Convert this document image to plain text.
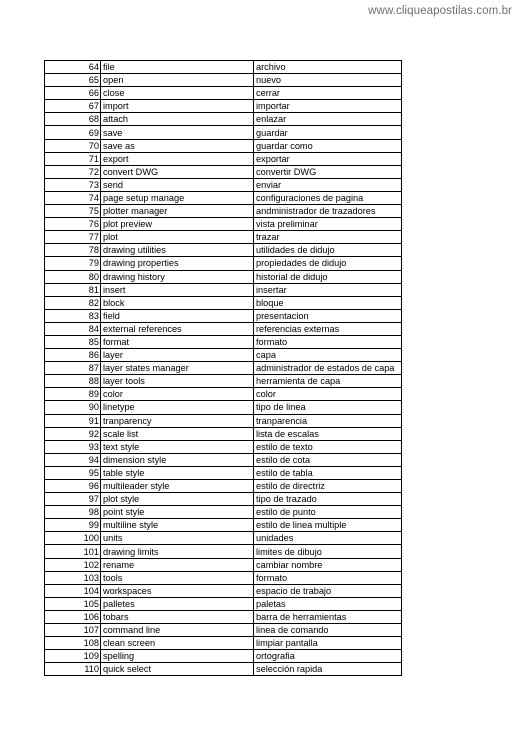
www.cliqueapostilas.com.br
64	file	archivo
65	open	nuevo
66	close	cerrar
67	import	importar
68	attach	enlazar
69	save	guardar
70	save as	guardar como
71	export	exportar
72	convert DWG	convertir DWG
73	send	enviar
74	page setup manage	configuraciones de pagina
75	plotter manager	andministrador de trazadores
76	plot preview	vista preliminar
77	plot	trazar
78	drawing utilities	utilidades de didujo
79	drawing properties	propiedades de didujo
80	drawing history	historial de didujo
81	insert	insertar
82	block	bloque
83	field	presentacion
84	external references	referencias externas
85	format	formato
86	layer	capa
87	layer states manager	administrador de estados de capa
88	layer tools	herramienta de capa
89	color	color
90	linetype	tipo de linea
91	tranparency	tranparencia
92	scale list	lista de escalas
93	text style	estilo de texto
94	dimension style	estilo de cota
95	table style	estilo de tabla
96	multileader style	estilo de directriz
97	plot style	tipo de trazado
98	point style	estilo de punto
99	multiline style	estilo de linea multiple
100	units	unidades
101	drawing limits	limites de dibujo
102	rename	cambiar nombre
103	tools	formato
104	workspaces	espacio de trabajo
105	palletes	paletas
106	tobars	barra de herramientas
107	command line	linea de comando
108	clean screen	limpiar pantalla
109	spelling	ortografia
110	quick select	selección rapida
